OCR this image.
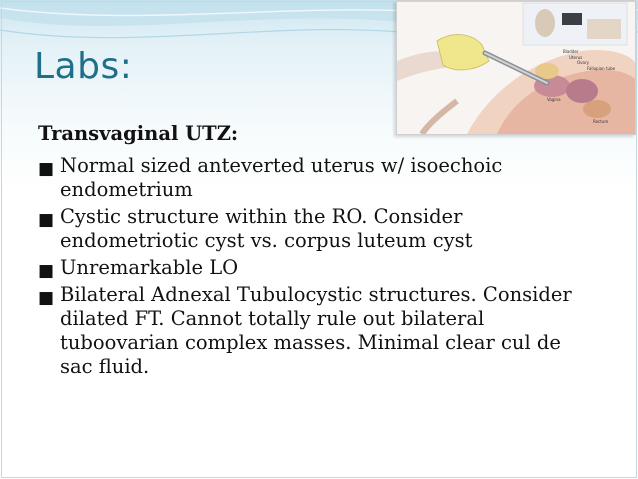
Labs:	Bladder
Uterus
Ovary
Fallopian tube
Vagina
Rectum
Transvaginal UTZ:
■ Normal sized anteverted uterus w/ isoechoic endometrium
■ Cystic structure within the RO. Consider endometriotic cyst vs. corpus luteum cyst
■ Unremarkable LO
■ Bilateral Adnexal Tubulocystic structures. Consider dilated FT. Cannot totally rule out bilateral tuboovarian complex masses. Minimal clear cul de sac fluid.
